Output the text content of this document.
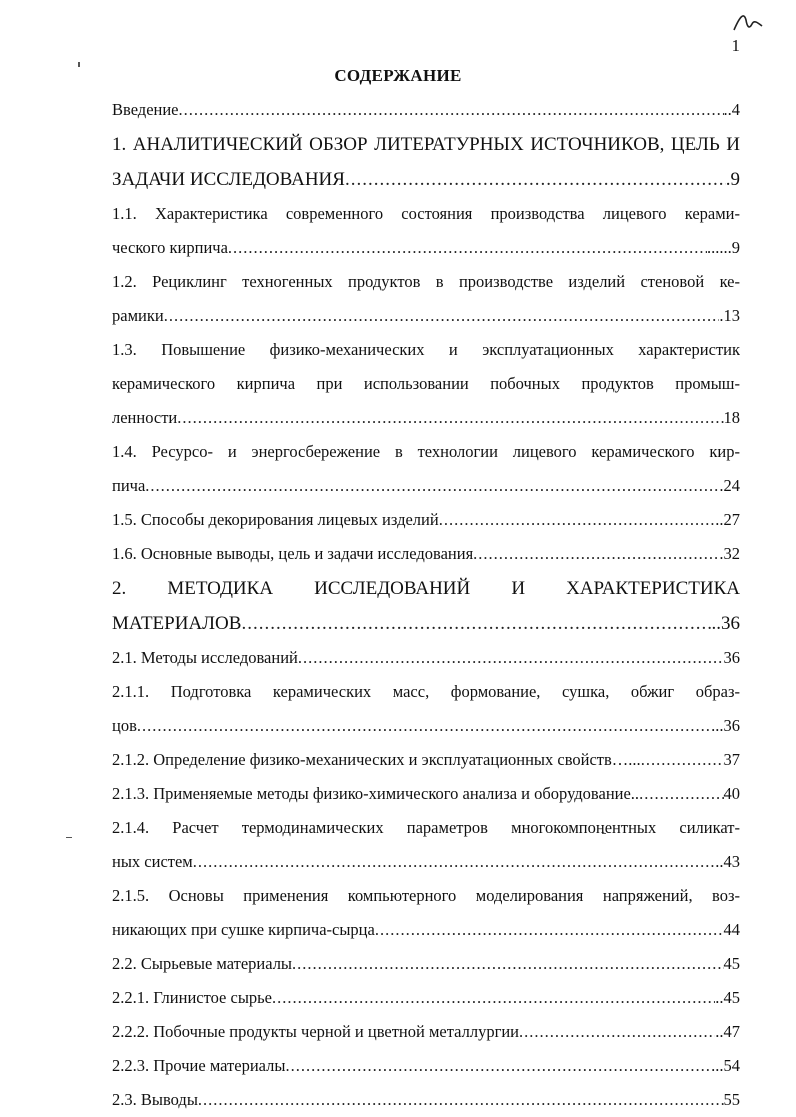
1
СОДЕРЖАНИЕ
Введение .....	..4
1. АНАЛИТИЧЕСКИЙ ОБЗОР ЛИТЕРАТУРНЫХ ИСТОЧНИКОВ, ЦЕЛЬ И
ЗАДАЧИ ИССЛЕДОВАНИЯ .....	.9
1.1. Характеристика современного состояния производства лицевого керами-
ческого кирпича .....	......9
1.2. Рециклинг техногенных продуктов в производстве изделий стеновой ке-
рамики .....	.13
1.3. Повышение физико-механических и эксплуатационных характеристик
керамического кирпича при использовании побочных продуктов промыш-
ленности .....	18
1.4. Ресурсо- и энергосбережение в технологии лицевого керамического кир-
пича .....	.24
1.5. Способы декорирования лицевых изделий .....	..27
1.6. Основные выводы, цель и задачи исследования .....	.32
2. МЕТОДИКА ИССЛЕДОВАНИЙ И ХАРАКТЕРИСТИКА
МАТЕРИАЛОВ .....	..36
2.1. Методы исследований .....	36
2.1.1. Подготовка керамических масс, формование, сушка, обжиг образ-
цов .....	...36
2.1.2. Определение физико-механических и эксплуатационных свойств…... .....	37
2.1.3. Применяемые методы физико-химического анализа и оборудование.. .....	40
2.1.4. Расчет термодинамических параметров многокомпонентных силикат-
ных систем .....	..43
2.1.5. Основы применения компьютерного моделирования напряжений, воз-
никающих при сушке кирпича-сырца .....	44
2.2. Сырьевые материалы .....	45
2.2.1. Глинистое сырье .....	..45
2.2.2. Побочные продукты черной и цветной металлургии .....	..47
2.2.3. Прочие материалы .....	...54
2.3. Выводы .....	55
